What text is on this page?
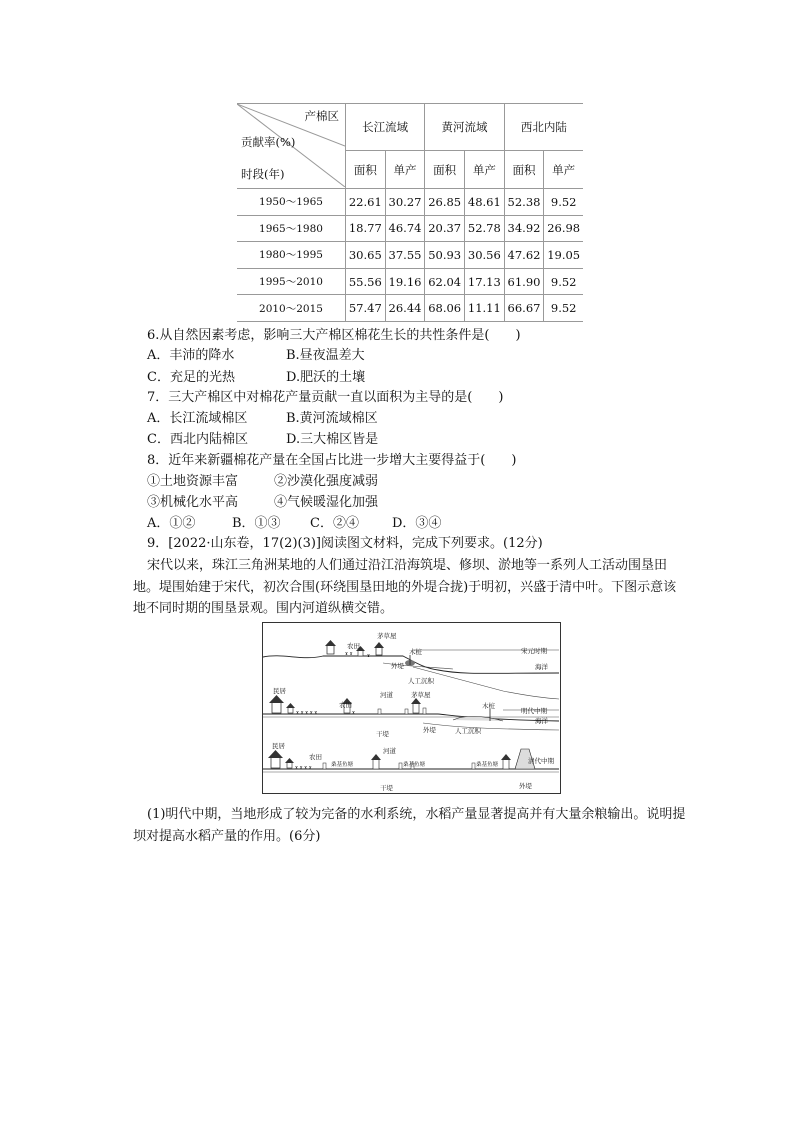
产棉区
贡献率(%)
时段(年)	长江流域		黄河流域		西北内陆	
	面积	单产	面积	单产	面积	单产
1950～1965	22.61	30.27	26.85	48.61	52.38	9.52
1965～1980	18.77	46.74	20.37	52.78	34.92	26.98
1980～1995	30.65	37.55	50.93	30.56	47.62	19.05
1995～2010	55.56	19.16	62.04	17.13	61.90	9.52
2010～2015	57.47	26.44	68.06	11.11	66.67	9.52
6.从自然因素考虑，影响三大产棉区棉花生长的共性条件是(　　)
A．丰沛的降水	B.昼夜温差大
C．充足的光热	D.肥沃的土壤
7．三大产棉区中对棉花产量贡献一直以面积为主导的是(　　)
A．长江流域棉区	B.黄河流域棉区
C．西北内陆棉区	D.三大棉区皆是
8．近年来新疆棉花产量在全国占比进一步增大主要得益于(　　)
①土地资源丰富	②沙漠化强度减弱
③机械化水平高	④气候暖湿化加强
A．①②	B．①③ C．②④	D．③④
9．[2022·山东卷，17(2)(3)]阅读图文材料，完成下列要求。(12分)
宋代以来，珠江三角洲某地的人们通过沿江沿海筑堤、修坝、淤地等一系列人工活动围垦田地。堤围始建于宋代，初次合围(环绕围垦田地的外堤合拢)于明初，兴盛于清中叶。下图示意该地不同时期的围垦景观。围内河道纵横交错。
ɤ ɤ	ɤ
农田
茅草屋
外堤
木桩
人工沉积
宋元时期
海洋
ɤ ɤ ɤ ɤ ɤ	ɤ
民居
农田
河道
干堤
茅草屋
外堤
木桩
人工沉积
明代中期
海洋
ɤ ɤ ɤ ɤ
民居
农田
桑基鱼塘	桑基鱼塘	桑基鱼塘
河道
干堤	外堤
清代中期
(1)明代中期，当地形成了较为完备的水利系统，水稻产量显著提高并有大量余粮输出。说明提坝对提高水稻产量的作用。(6分)
